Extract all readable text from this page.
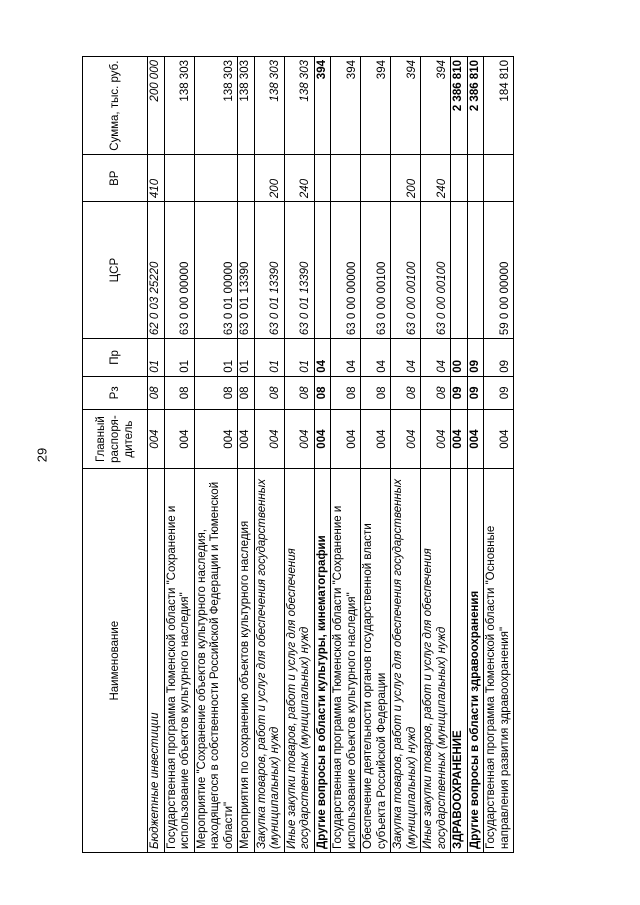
29
Наименование	Главный распоря-дитель	Рз	Пр	ЦСР	ВР	Сумма, тыс. руб.
Бюджетные инвестиции	004	08	01	62 0 03 25220	410	200 000
Государственная программа Тюменской области "Сохранение и использование объектов культурного наследия"	004	08	01	63 0 00 00000		138 303
Мероприятие "Сохранение объектов культурного наследия, находящегося в собственности Российской Федерации и Тюменской области"	004	08	01	63 0 01 00000		138 303
Мероприятия по сохранению объектов культурного наследия	004	08	01	63 0 01 13390		138 303
Закупка товаров, работ и услуг для обеспечения государственных (муниципальных) нужд	004	08	01	63 0 01 13390	200	138 303
Иные закупки товаров, работ и услуг для обеспечения государственных (муниципальных) нужд	004	08	01	63 0 01 13390	240	138 303
Другие вопросы в области культуры, кинематографии	004	08	04			394
Государственная программа Тюменской области "Сохранение и использование объектов культурного наследия"	004	08	04	63 0 00 00000		394
Обеспечение деятельности органов государственной власти субъекта Российской Федерации	004	08	04	63 0 00 00100		394
Закупка товаров, работ и услуг для обеспечения государственных (муниципальных) нужд	004	08	04	63 0 00 00100	200	394
Иные закупки товаров, работ и услуг для обеспечения государственных (муниципальных) нужд	004	08	04	63 0 00 00100	240	394
ЗДРАВООХРАНЕНИЕ	004	09	00			2 386 810
Другие вопросы в области здравоохранения	004	09	09			2 386 810
Государственная программа Тюменской области "Основные направления развития здравоохранения"	004	09	09	59 0 00 00000		184 810
